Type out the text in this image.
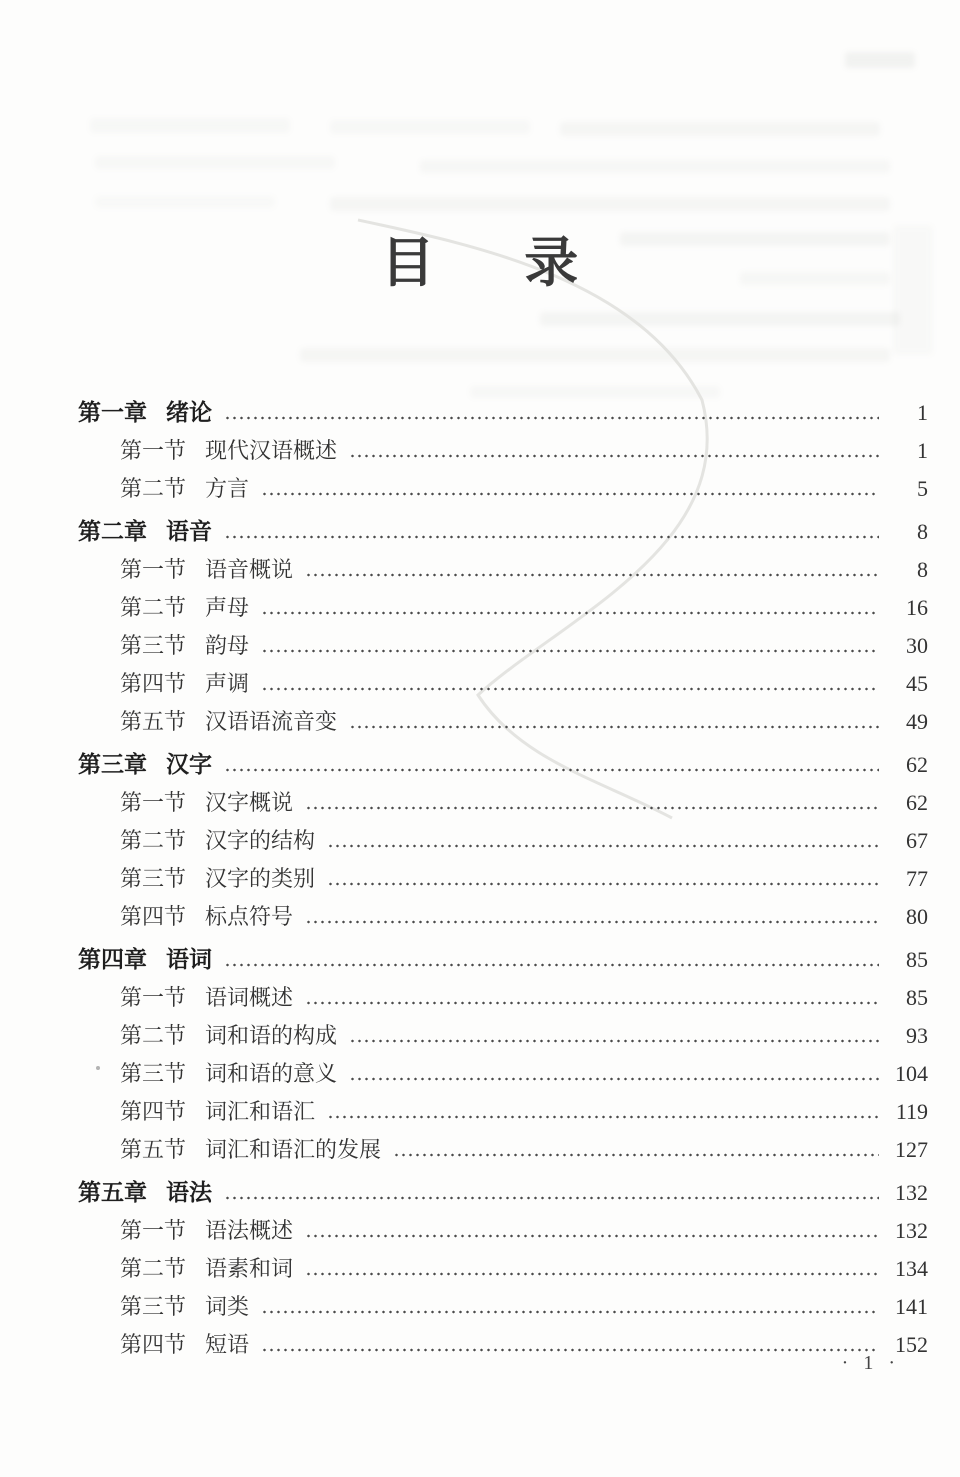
目 录
第一章 绪论	1
第一节 现代汉语概述	1
第二节 方言	5
第二章 语音	8
第一节 语音概说	8
第二节 声母	16
第三节 韵母	30
第四节 声调	45
第五节 汉语语流音变	49
第三章 汉字	62
第一节 汉字概说	62
第二节 汉字的结构	67
第三节 汉字的类别	77
第四节 标点符号	80
第四章 语词	85
第一节 语词概述	85
第二节 词和语的构成	93
第三节 词和语的意义	104
第四节 词汇和语汇	119
第五节 词汇和语汇的发展	127
第五章 语法	132
第一节 语法概述	132
第二节 语素和词	134
第三节 词类	141
第四节 短语	152
· 1 ·
